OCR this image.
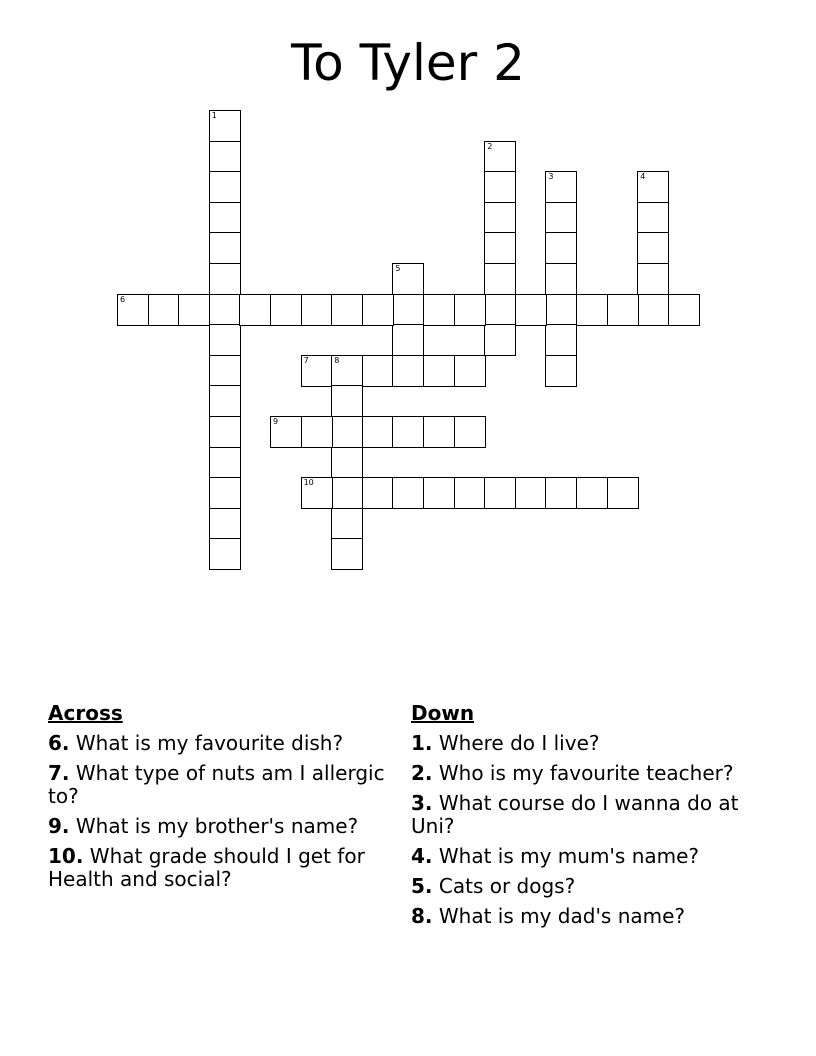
To Tyler 2
1
2
3	4
5
6
7	8
9
10
Across
6. What is my favourite dish?
7. What type of nuts am I allergic to?
9. What is my brother's name?
10. What grade should I get for Health and social?
Down
1. Where do I live?
2. Who is my favourite teacher?
3. What course do I wanna do at Uni?
4. What is my mum's name?
5. Cats or dogs?
8. What is my dad's name?
